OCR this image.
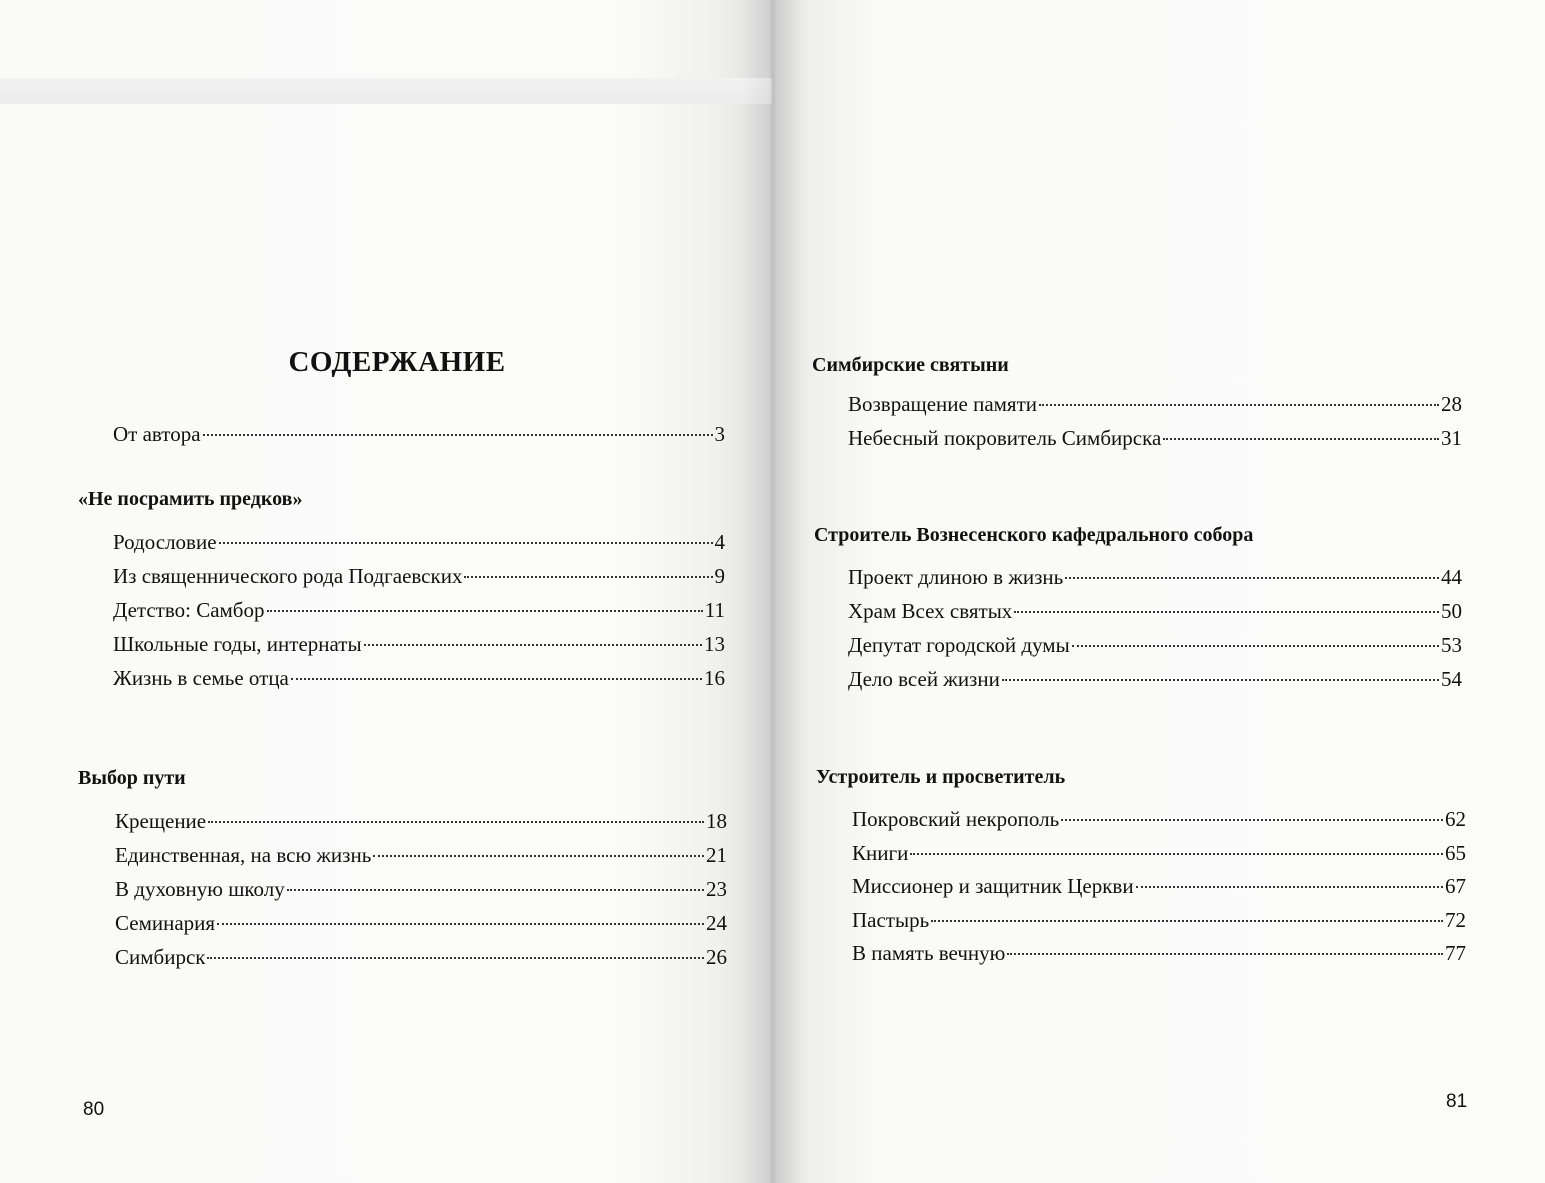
СОДЕРЖАНИЕ
От автора	3
«Не посрамить предков»
Родословие	4
Из священнического рода Подгаевских	9
Детство: Самбор	11
Школьные годы, интернаты	13
Жизнь в семье отца	16
Выбор пути
Крещение	18
Единственная, на всю жизнь	21
В духовную школу	23
Семинария	24
Симбирск	26
80
Симбирские святыни
Возвращение памяти	28
Небесный покровитель Симбирска	31
Строитель Вознесенского кафедрального собора
Проект длиною в жизнь	44
Храм Всех святых	50
Депутат городской думы	53
Дело всей жизни	54
Устроитель и просветитель
Покровский некрополь	62
Книги	65
Миссионер и защитник Церкви	67
Пастырь	72
В память вечную	77
81
